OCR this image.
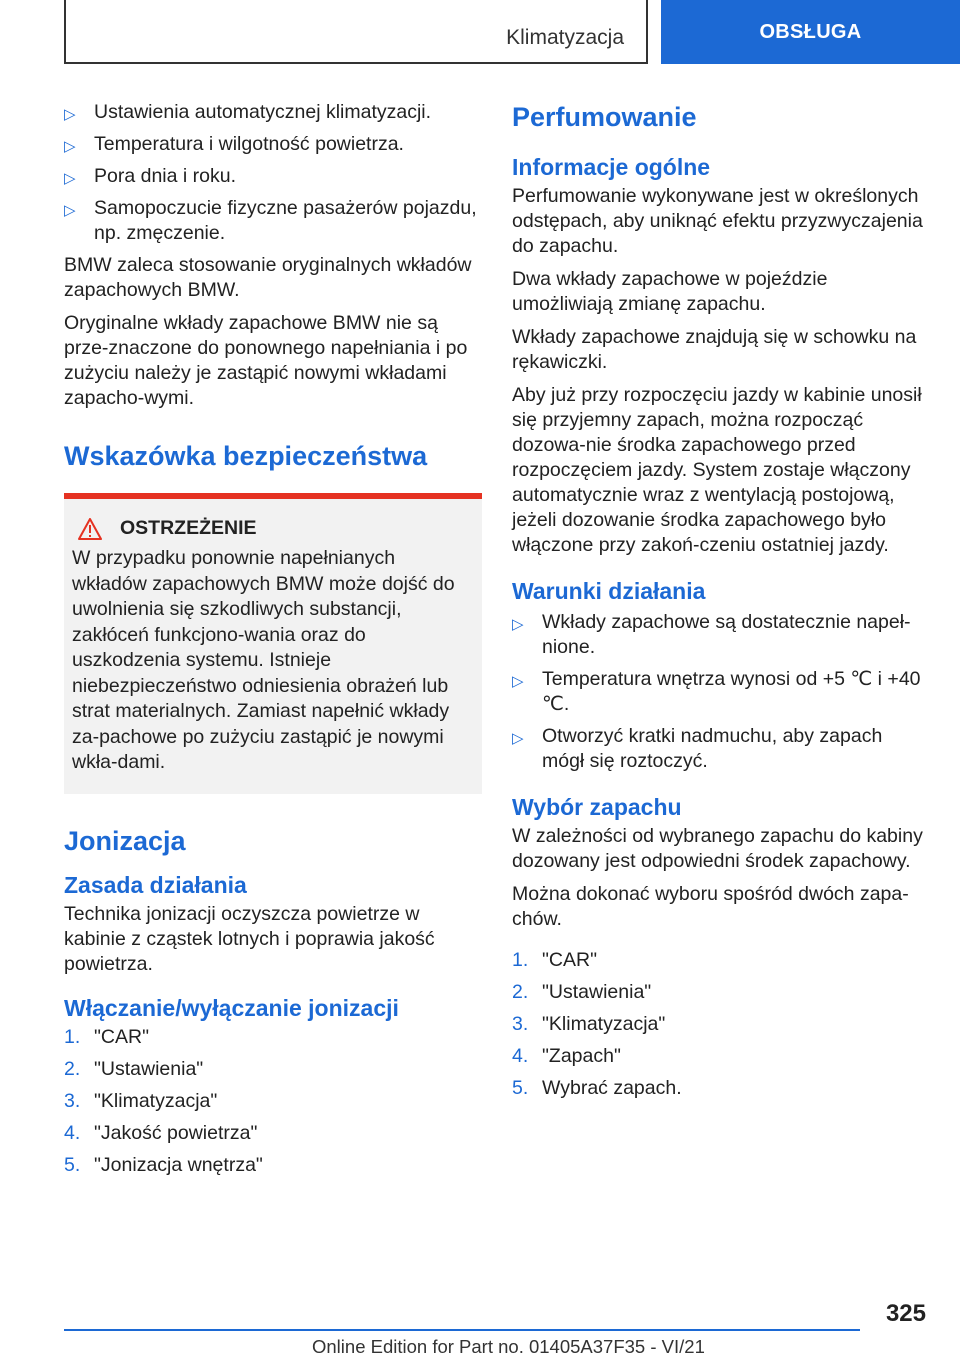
Klimatyzacja	OBSŁUGA
▷ Ustawienia automatycznej klimatyzacji.
▷ Temperatura i wilgotność powietrza.
▷ Pora dnia i roku.
▷ Samopoczucie fizyczne pasażerów pojazdu, np. zmęczenie.

BMW zaleca stosowanie oryginalnych wkładów zapachowych BMW.

Oryginalne wkłady zapachowe BMW nie są prze-znaczone do ponownego napełniania i po zużyciu należy je zastąpić nowymi wkładami zapacho-wymi.

Wskazówka bezpieczeństwa
OSTRZEŻENIE

W przypadku ponownie napełnianych wkładów zapachowych BMW może dojść do uwolnienia się szkodliwych substancji, zakłóceń funkcjono-wania oraz do uszkodzenia systemu. Istnieje niebezpieczeństwo odniesienia obrażeń lub strat materialnych. Zamiast napełnić wkłady za-pachowe po zużyciu zastąpić je nowymi wkła-dami.

Jonizacja
Zasada działania

Technika jonizacji oczyszcza powietrze w kabinie z cząstek lotnych i poprawia jakość powietrza.

Włączanie/wyłączanie jonizacji
1. "CAR"
2. "Ustawienia"
3. "Klimatyzacja"
4. "Jakość powietrza"
5. "Jonizacja wnętrza"
Perfumowanie
Informacje ogólne

Perfumowanie wykonywane jest w określonych odstępach, aby uniknąć efektu przyzwyczajenia do zapachu.

Dwa wkłady zapachowe w pojeździe umożliwiają zmianę zapachu.

Wkłady zapachowe znajdują się w schowku na rękawiczki.

Aby już przy rozpoczęciu jazdy w kabinie unosił się przyjemny zapach, można rozpocząć dozowa-nie środka zapachowego przed rozpoczęciem jazdy. System zostaje włączony automatycznie wraz z wentylacją postojową, jeżeli dozowanie środka zapachowego było włączone przy zakoń-czeniu ostatniej jazdy.

Warunki działania
▷ Wkłady zapachowe są dostatecznie napeł-nione.
▷ Temperatura wnętrza wynosi od +5 ℃ i +40 ℃.
▷ Otworzyć kratki nadmuchu, aby zapach mógł się roztoczyć.
Wybór zapachu

W zależności od wybranego zapachu do kabiny dozowany jest odpowiedni środek zapachowy.

Można dokonać wyboru spośród dwóch zapa-chów.

1. "CAR"
2. "Ustawienia"
3. "Klimatyzacja"
4. "Zapach"
5. Wybrać zapach.
325
Online Edition for Part no. 01405A37F35 - VI/21
